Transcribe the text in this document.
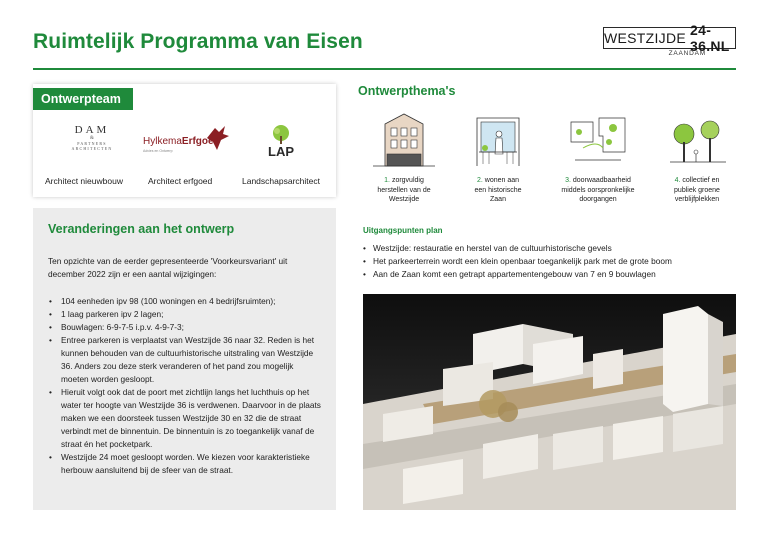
Ruimtelijk Programma van Eisen	WESTZIJDE 24-36.NL
ZAANDAM
Ontwerpteam
DAM
&
PARTNERS
ARCHITECTEN
Architect nieuwbouw
HylkemaErfgoed
Advies en Ontwerp
Architect erfgoed
LAP
Landschapsarchitect
Veranderingen aan het ontwerp

Ten opzichte van de eerder gepresenteerde 'Voorkeursvariant' uit december 2022 zijn er een aantal wijzigingen:

• 104 eenheden ipv 98 (100 woningen en 4 bedrijfsruimten);
• 1 laag parkeren ipv 2 lagen;
• Bouwlagen: 6-9-7-5 i.p.v. 4-9-7-3;
• Entree parkeren is verplaatst van Westzijde 36 naar 32. Reden is het kunnen behouden van de cultuurhistorische uitstraling van Westzijde 36. Anders zou deze sterk veranderen of het pand zou mogelijk moeten worden gesloopt.
• Hieruit volgt ook dat de poort met zichtlijn langs het luchthuis op het water ter hoogte van Westzijde 36 is verdwenen. Daarvoor in de plaats maken we een doorsteek tussen Westzijde 30 en 32 die de straat verbindt met de binnentuin. De binnentuin is zo toegankelijk vanaf de straat én het pocketpark.
• Westzijde 24 moet gesloopt worden. We kiezen voor karakteristieke herbouw aansluitend bij de sfeer van de straat.
Ontwerpthema's
1. zorgvuldig
herstellen van de
Westzijde
2. wonen aan
een historische
Zaan
3. doorwaadbaarheid
middels oorspronkelijke
doorgangen
4. collectief en
publiek groene
verblijfplekken
Uitgangspunten plan
• Westzijde: restauratie en herstel van de cultuurhistorische gevels
• Het parkeerterrein wordt een klein openbaar toegankelijk park met de grote boom
• Aan de Zaan komt een getrapt appartementengebouw van 7 en 9 bouwlagen
